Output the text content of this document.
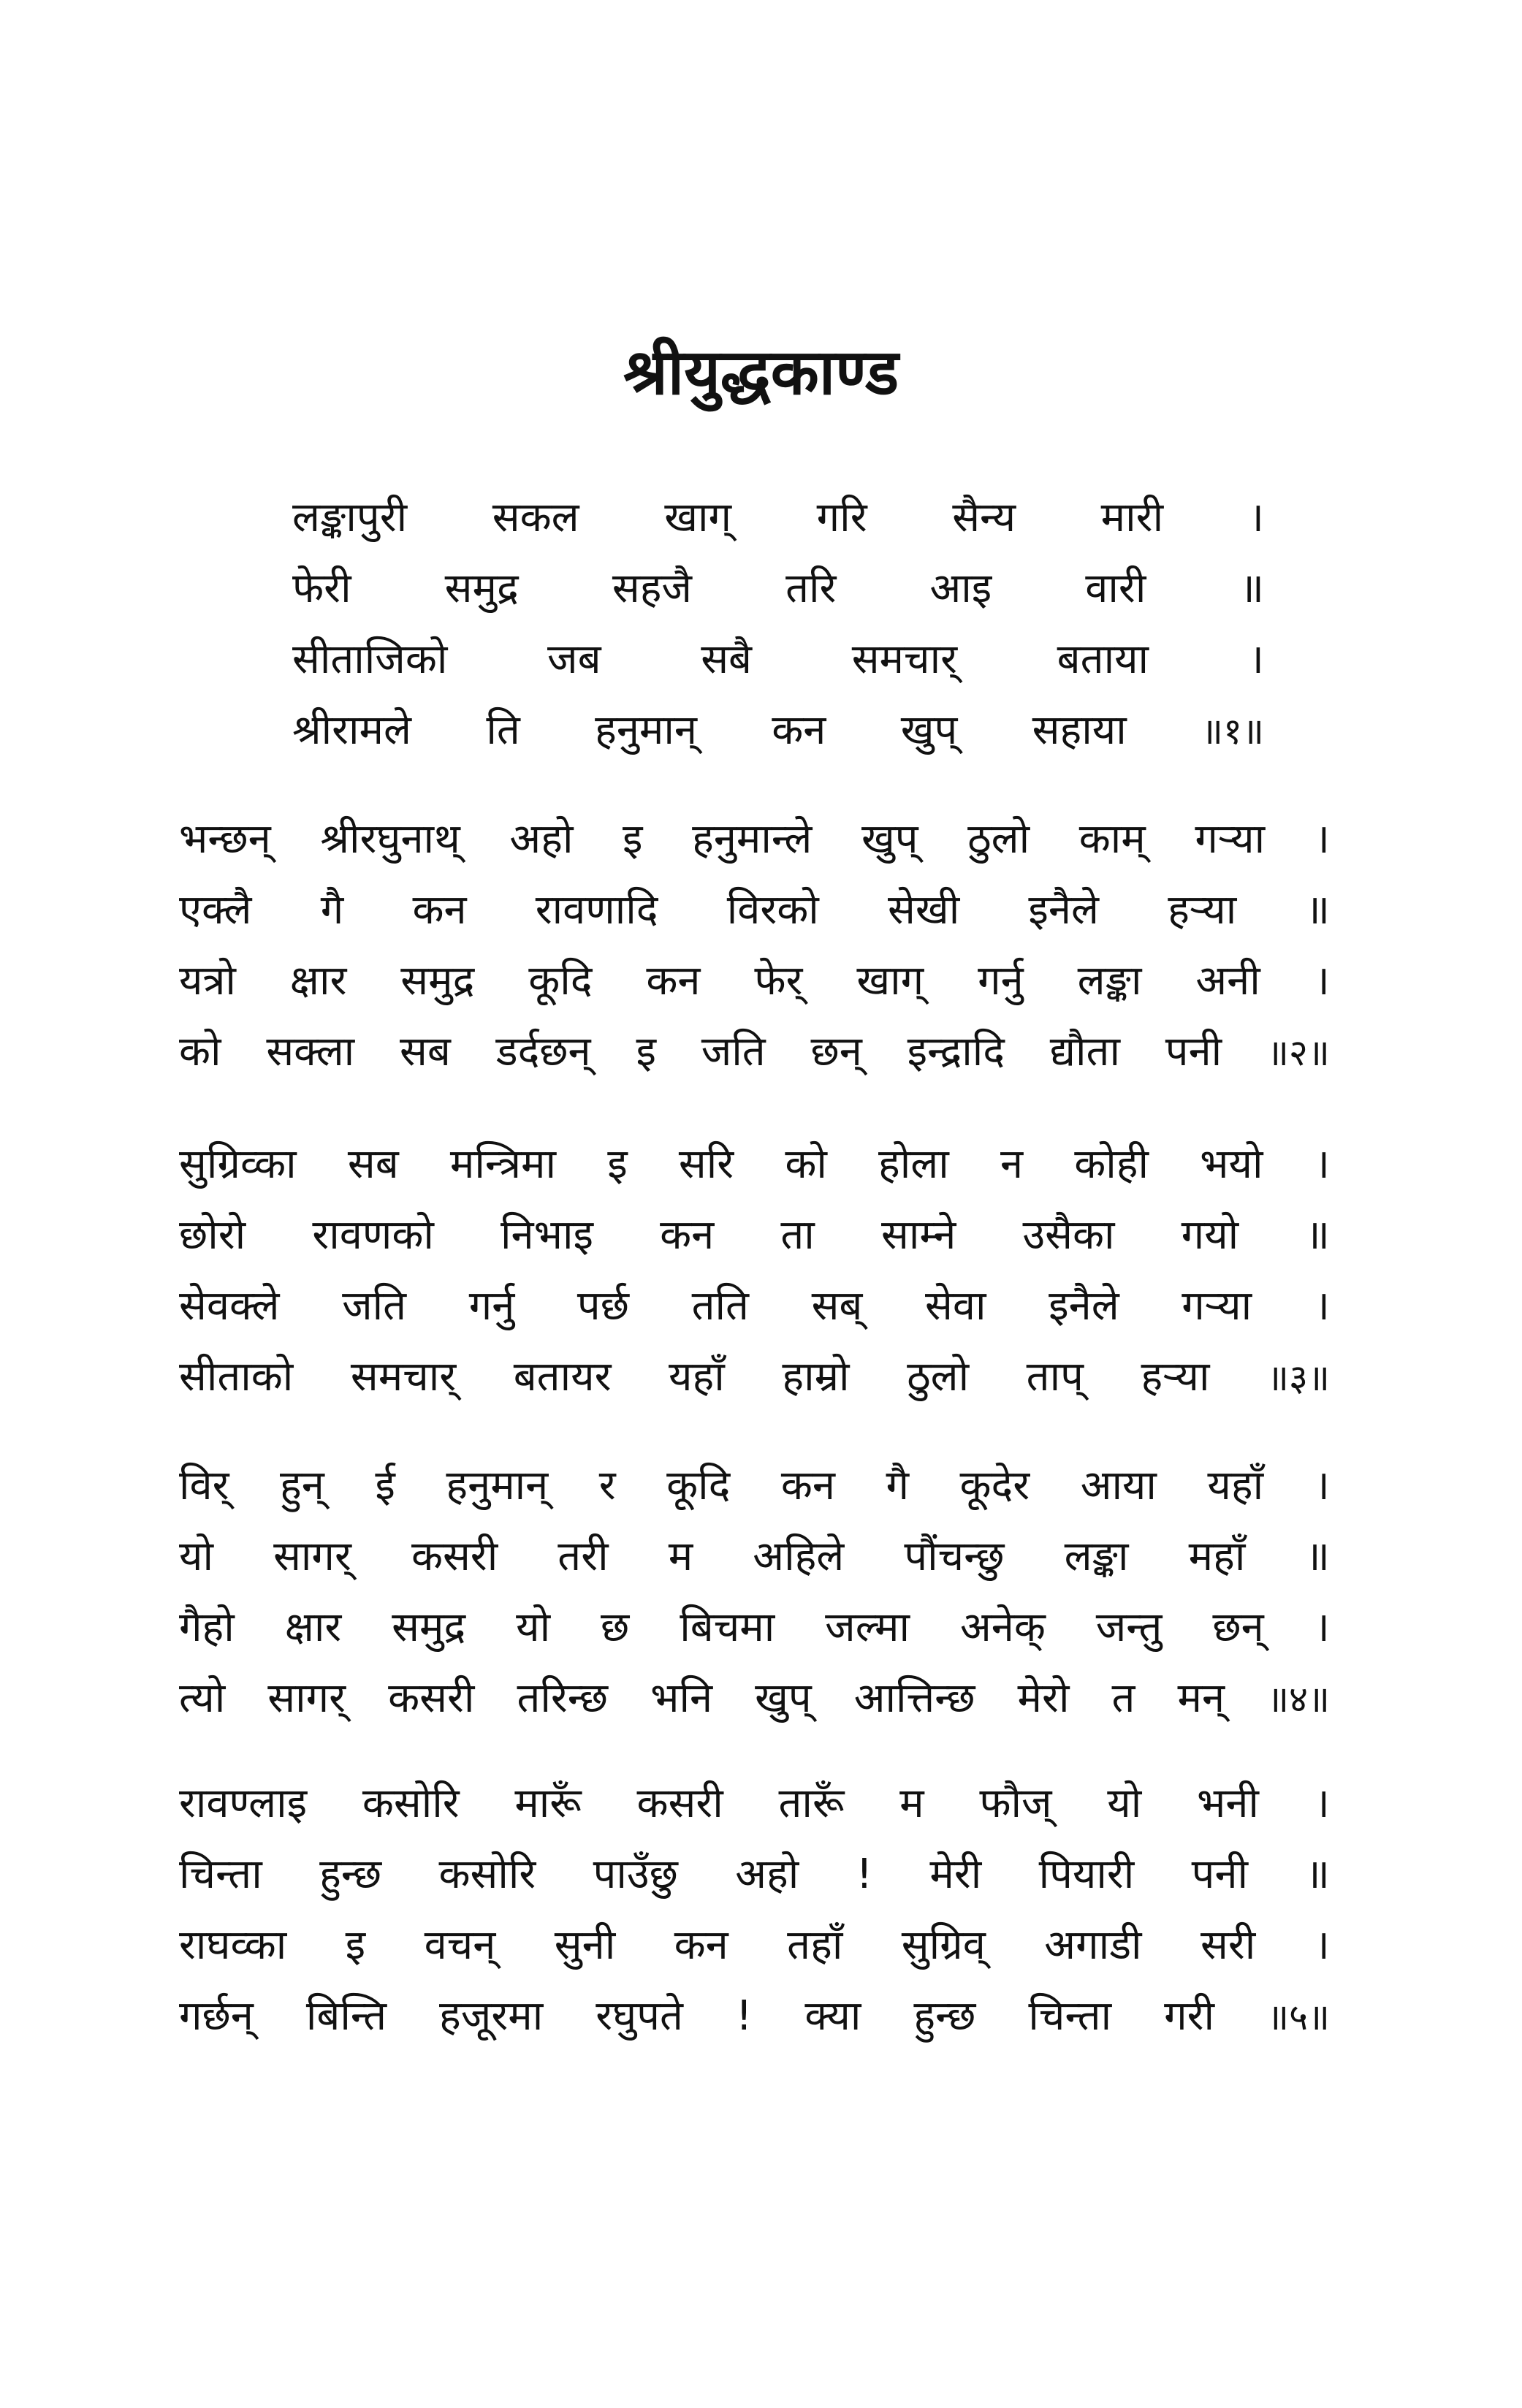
श्रीयुद्धकाण्ड
लङ्कापुरी सकल खाग् गरि सैन्य मारी ।
फेरी समुद्र सहजै तरि आइ वारी ॥
सीताजिको जब सबै समचार् बताया ।
श्रीरामले ति हनुमान् कन खुप् सहाया ॥१॥
भन्छन् श्रीरघुनाथ् अहो इ हनुमान्ले खुप् ठुलो काम् गऱ्या ।
एक्लै गै कन रावणादि विरको सेखी इनैले हऱ्या ॥
यत्रो क्षार समुद्र कूदि कन फेर् खाग् गर्नु लङ्का अनी ।
को सक्ला सब डर्दछन् इ जति छन् इन्द्रादि द्यौता पनी ॥२॥
सुग्रिव्का सब मन्त्रिमा इ सरि को होला न कोही भयो ।
छोरो रावणको निभाइ कन ता साम्ने उसैका गयो ॥
सेवक्ले जति गर्नु पर्छ तति सब् सेवा इनैले गऱ्या ।
सीताको समचार् बतायर यहाँ हाम्रो ठुलो ताप् हऱ्या ॥३॥
विर् हुन् ई हनुमान् र कूदि कन गै कूदेर आया यहाँ ।
यो सागर् कसरी तरी म अहिले पौंचन्छु लङ्का महाँ ॥
गैहो क्षार समुद्र यो छ बिचमा जल्मा अनेक् जन्तु छन् ।
त्यो सागर् कसरी तरिन्छ भनि खुप् आत्तिन्छ मेरो त मन् ॥४॥
रावण्लाइ कसोरि मारूँ कसरी तारूँ म फौज् यो भनी ।
चिन्ता हुन्छ कसोरि पाउँछु अहो ! मेरी पियारी पनी ॥
राघव्का इ वचन् सुनी कन तहाँ सुग्रिव् अगाडी सरी ।
गर्छन् बिन्ति हजूरमा रघुपते ! क्या हुन्छ चिन्ता गरी ॥५॥
